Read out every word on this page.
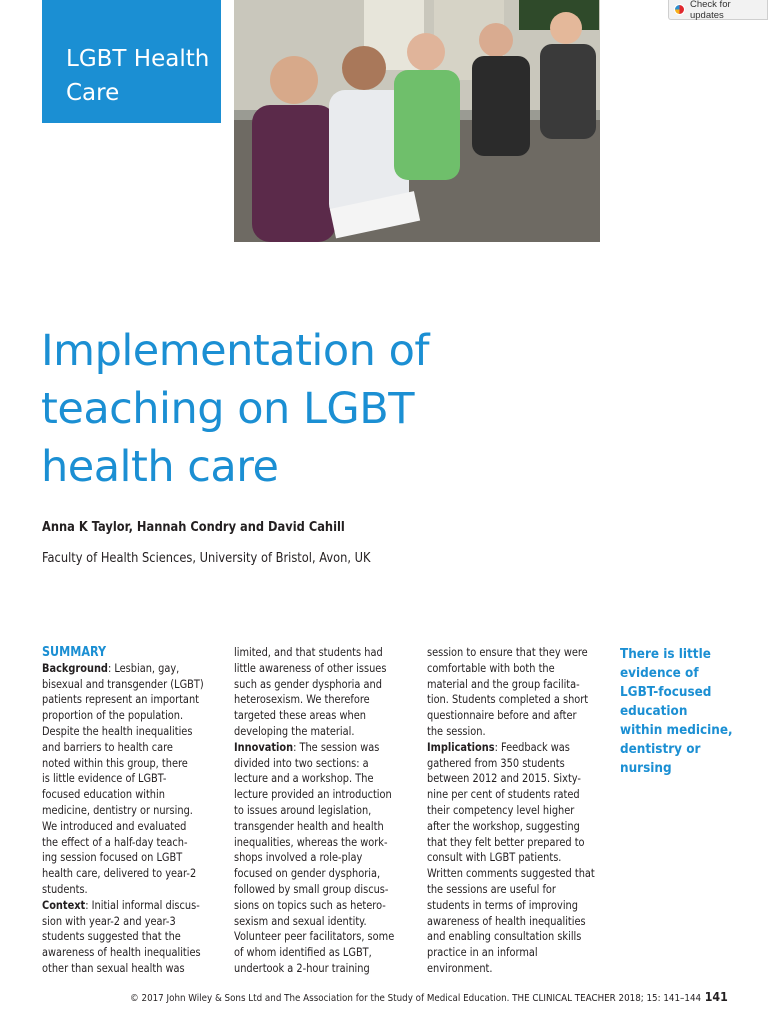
LGBT Health
Care
Check for updates
Implementation of
teaching on LGBT
health care
Anna K Taylor, Hannah Condry and David Cahill
Faculty of Health Sciences, University of Bristol, Avon, UK
SUMMARY
Background: Lesbian, gay,
bisexual and transgender (LGBT)
patients represent an important
proportion of the population.
Despite the health inequalities
and barriers to health care
noted within this group, there
is little evidence of LGBT-
focused education within
medicine, dentistry or nursing.
We introduced and evaluated
the effect of a half-day teach-
ing session focused on LGBT
health care, delivered to year-2
students.
Context: Initial informal discus-
sion with year-2 and year-3
students suggested that the
awareness of health inequalities
other than sexual health was
limited, and that students had
little awareness of other issues
such as gender dysphoria and
heterosexism. We therefore
targeted these areas when
developing the material.
Innovation: The session was
divided into two sections: a
lecture and a workshop. The
lecture provided an introduction
to issues around legislation,
transgender health and health
inequalities, whereas the work-
shops involved a role-play
focused on gender dysphoria,
followed by small group discus-
sions on topics such as hetero-
sexism and sexual identity.
Volunteer peer facilitators, some
of whom identified as LGBT,
undertook a 2-hour training
session to ensure that they were
comfortable with both the
material and the group facilita-
tion. Students completed a short
questionnaire before and after
the session.
Implications: Feedback was
gathered from 350 students
between 2012 and 2015. Sixty-
nine per cent of students rated
their competency level higher
after the workshop, suggesting
that they felt better prepared to
consult with LGBT patients.
Written comments suggested that
the sessions are useful for
students in terms of improving
awareness of health inequalities
and enabling consultation skills
practice in an informal
environment.
There is little
evidence of
LGBT-focused
education
within medicine,
dentistry or
nursing
© 2017 John Wiley & Sons Ltd and The Association for the Study of Medical Education. THE CLINICAL TEACHER 2018; 15: 141–144 141
